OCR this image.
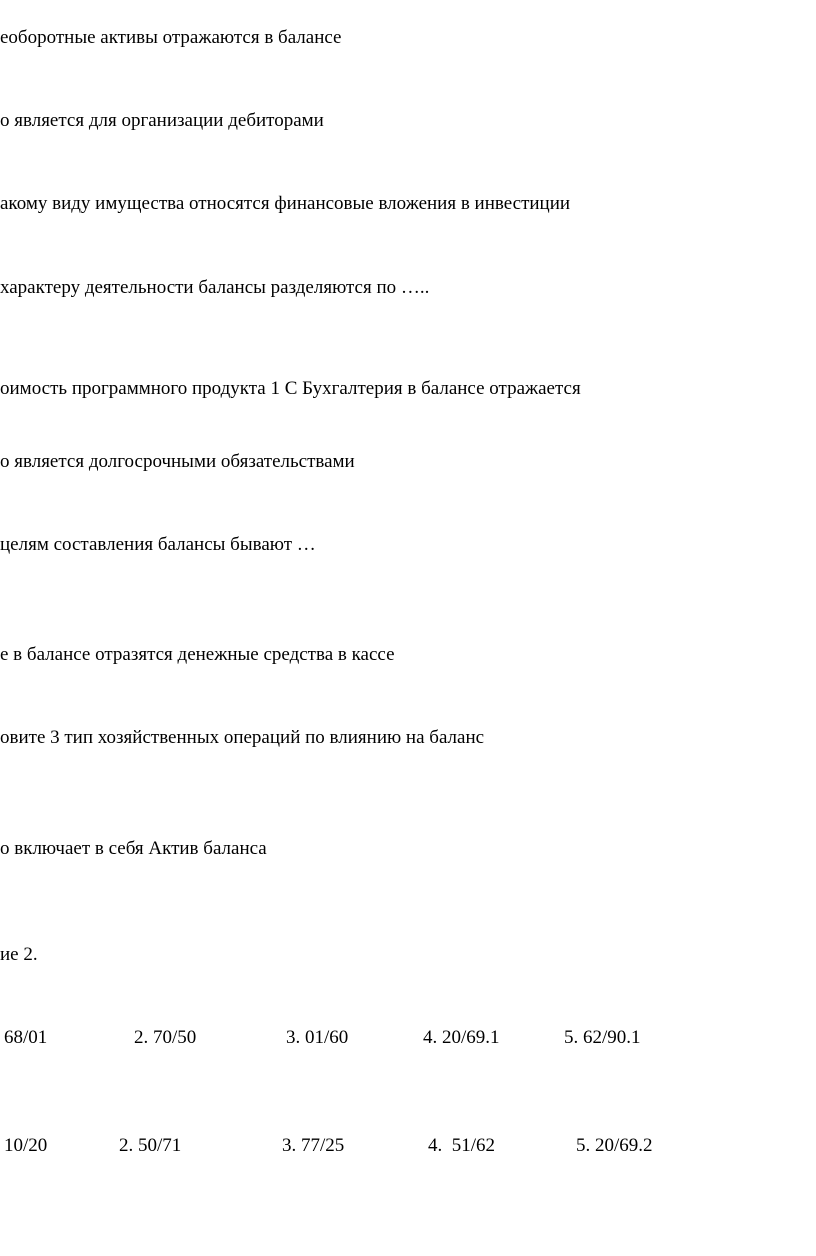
еоборотные активы отражаются в балансе
о является для организации дебиторами
акому виду имущества относятся финансовые вложения в инвестиции
характеру деятельности балансы разделяются по …..
оимость программного продукта 1 С Бухгалтерия в балансе отражается
о является долгосрочными обязательствами
целям составления балансы бывают …
е в балансе отразятся денежные средства в кассе
овите 3 тип хозяйственных операций по влиянию на баланс
о включает в себя Актив баланса
ие 2.
68/01	2. 70/50	3. 01/60	4. 20/69.1	5. 62/90.1
10/20	2. 50/71	3. 77/25	4.  51/62	5. 20/69.2
